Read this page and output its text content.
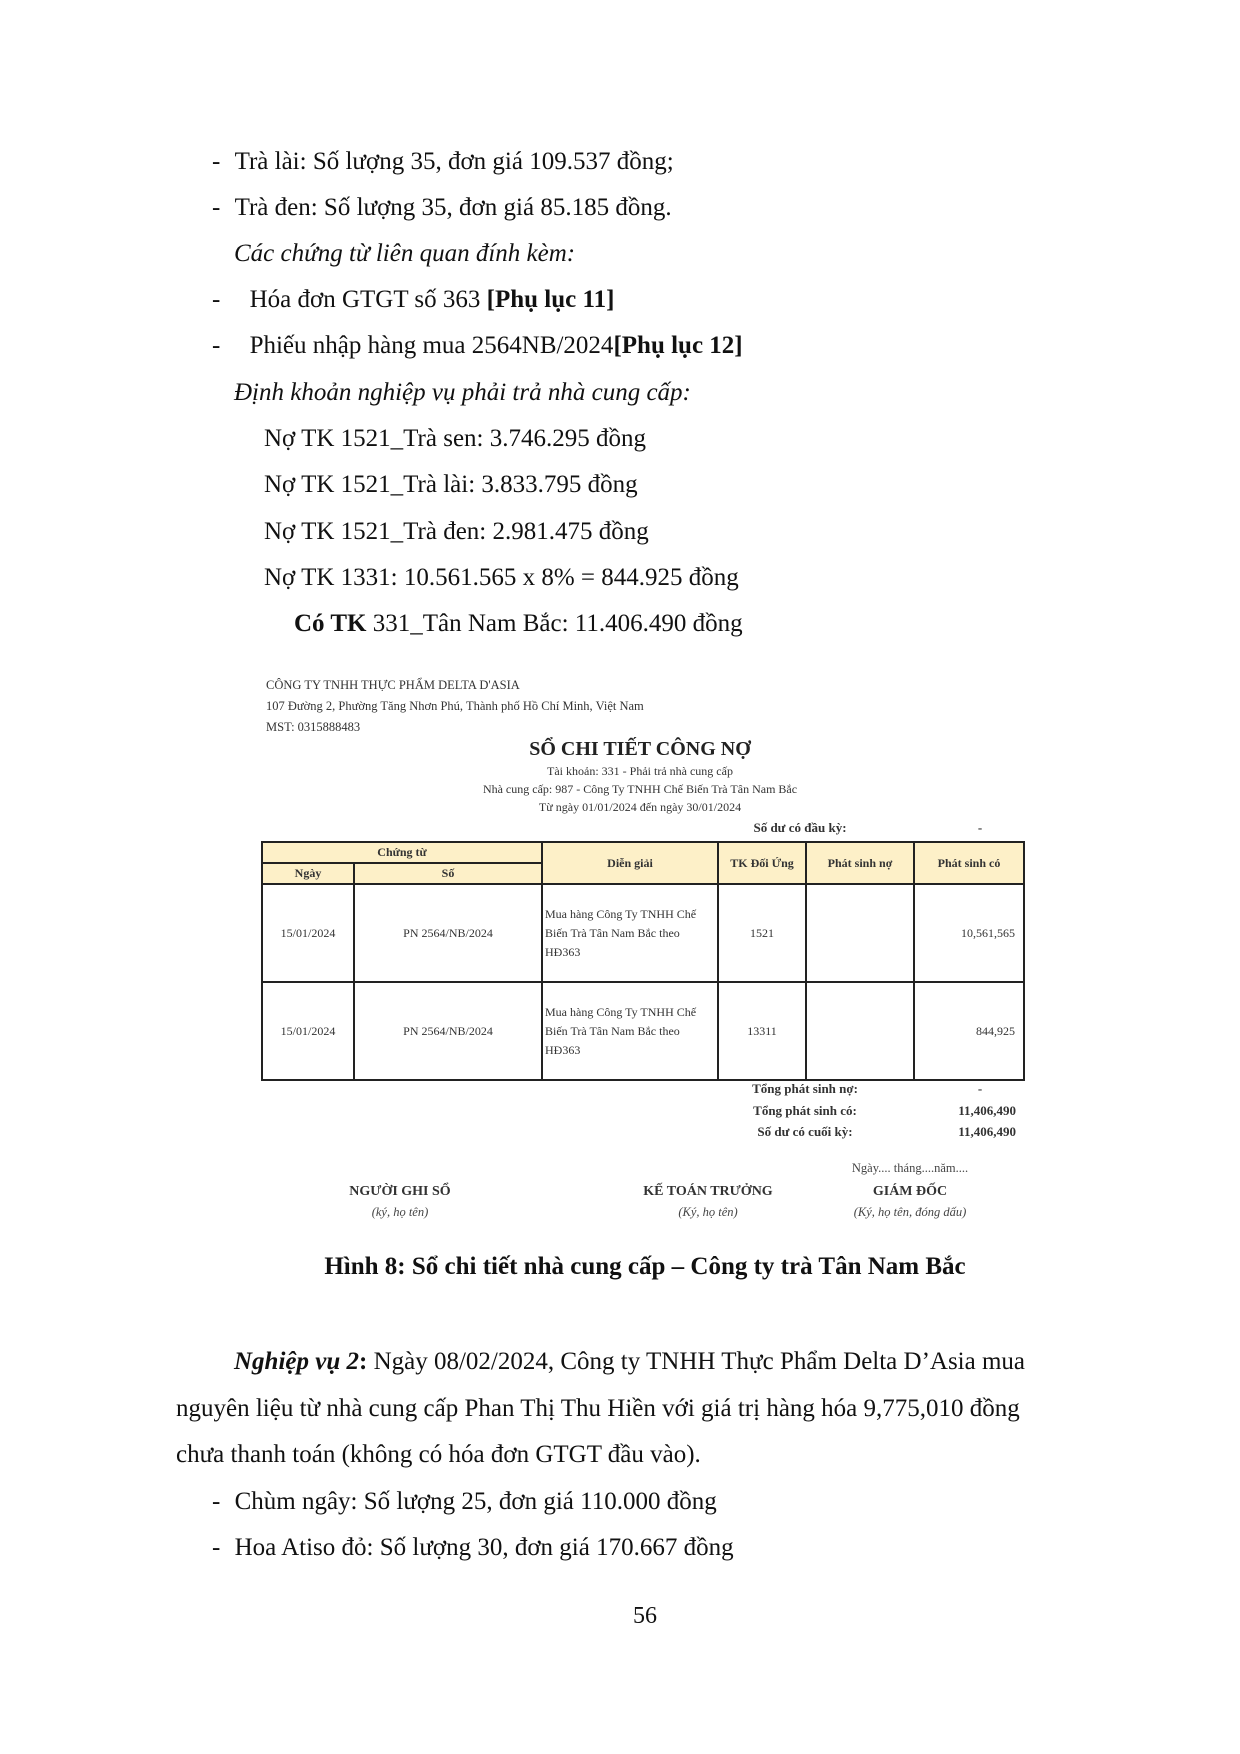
- Trà lài: Số lượng 35, đơn giá 109.537 đồng;
- Trà đen: Số lượng 35, đơn giá 85.185 đồng.
Các chứng từ liên quan đính kèm:
- Hóa đơn GTGT số 363 [Phụ lục 11]
- Phiếu nhập hàng mua 2564NB/2024[Phụ lục 12]
Định khoản nghiệp vụ phải trả nhà cung cấp:
Nợ TK 1521_Trà sen: 3.746.295 đồng
Nợ TK 1521_Trà lài: 3.833.795 đồng
Nợ TK 1521_Trà đen: 2.981.475 đồng
Nợ TK 1331: 10.561.565 x 8% = 844.925 đồng
Có TK 331_Tân Nam Bắc: 11.406.490 đồng
CÔNG TY TNHH THỰC PHẨM DELTA D'ASIA
107 Đường 2, Phường Tăng Nhơn Phú, Thành phố Hồ Chí Minh, Việt Nam
MST: 0315888483
SỔ CHI TIẾT CÔNG NỢ
Tài khoản: 331 - Phải trả nhà cung cấp
Nhà cung cấp: 987 - Công Ty TNHH Chế Biến Trà Tân Nam Bắc
Từ ngày 01/01/2024 đến ngày 30/01/2024
Số dư có đầu kỳ:	-
Chứng từ		Diễn giải	TK Đối Ứng	Phát sinh nợ	Phát sinh có
Ngày	Số				
15/01/2024	PN 2564/NB/2024	Mua hàng Công Ty TNHH Chế Biến Trà Tân Nam Bắc theo HĐ363	1521		10,561,565
15/01/2024	PN 2564/NB/2024	Mua hàng Công Ty TNHH Chế Biến Trà Tân Nam Bắc theo HĐ363	13311		844,925
Tổng phát sinh nợ:	-
Tổng phát sinh có:	11,406,490
Số dư có cuối kỳ:	11,406,490
Ngày.... tháng....năm....
NGƯỜI GHI SỔ
(ký, họ tên)
KẾ TOÁN TRƯỞNG
(Ký, họ tên)
GIÁM ĐỐC
(Ký, họ tên, đóng dấu)
Hình 8: Sổ chi tiết nhà cung cấp – Công ty trà Tân Nam Bắc
Nghiệp vụ 2: Ngày 08/02/2024, Công ty TNHH Thực Phẩm Delta D’Asia mua
nguyên liệu từ nhà cung cấp Phan Thị Thu Hiền với giá trị hàng hóa 9,775,010 đồng
chưa thanh toán (không có hóa đơn GTGT đầu vào).
- Chùm ngây: Số lượng 25, đơn giá 110.000 đồng
- Hoa Atiso đỏ: Số lượng 30, đơn giá 170.667 đồng
56
